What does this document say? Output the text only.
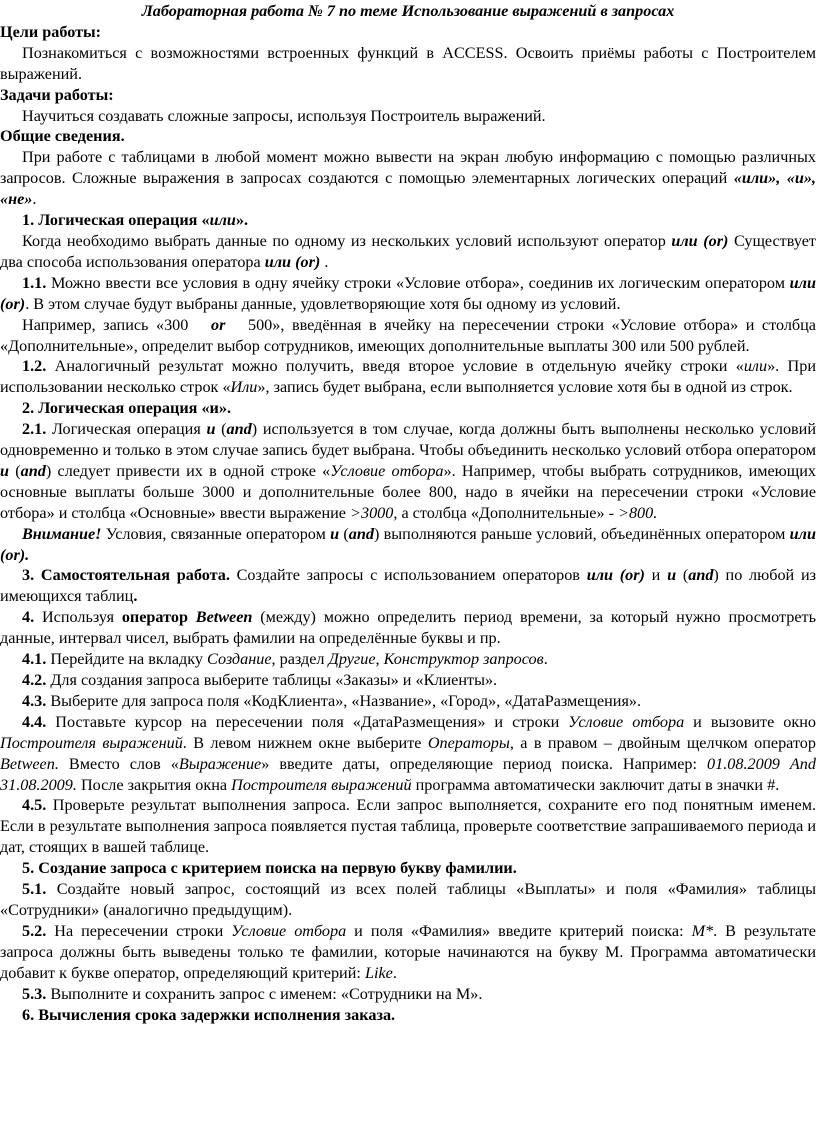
Лабораторная работа № 7 по теме Использование выражений в запросах

Цели работы:

Познакомиться с возможностями встроенных функций в ACCESS. Освоить приёмы работы с Построителем выражений.

Задачи работы:

Научиться создавать сложные запросы, используя Построитель выражений.

Общие сведения.

При работе с таблицами в любой момент можно вывести на экран любую информацию с помощью различных запросов. Сложные выражения в запросах создаются с помощью элементарных логических операций «или», «и», «не».

1. Логическая операция «или».

Когда необходимо выбрать данные по одному из нескольких условий используют оператор или (or) Существует два способа использования оператора или (or) .

1.1. Можно ввести все условия в одну ячейку строки «Условие отбора», соединив их логическим оператором или (or). В этом случае будут выбраны данные, удовлетворяющие хотя бы одному из условий.

Например, запись «300   or   500», введённая в ячейку на пересечении строки «Условие отбора» и столбца «Дополнительные», определит выбор сотрудников, имеющих дополнительные выплаты 300 или 500 рублей.

1.2. Аналогичный результат можно получить, введя второе условие в отдельную ячейку строки «или». При использовании несколько строк «Или», запись будет выбрана, если выполняется условие хотя бы в одной из строк.

2. Логическая операция «и».

2.1. Логическая операция и (and) используется в том случае, когда должны быть выполнены несколько условий одновременно и только в этом случае запись будет выбрана. Чтобы объединить несколько условий отбора оператором и (and) следует привести их в одной строке «Условие отбора». Например, чтобы выбрать сотрудников, имеющих основные выплаты больше 3000 и дополнительные более 800, надо в ячейки на пересечении строки «Условие отбора» и столбца «Основные» ввести выражение >3000, а столбца «Дополнительные» - >800.

Внимание! Условия, связанные оператором и (and) выполняются раньше условий, объединённых оператором или (or).

3. Самостоятельная работа. Создайте запросы с использованием операторов или (or) и и (and) по любой из имеющихся таблиц.

4. Используя оператор Between (между) можно определить период времени, за который нужно просмотреть данные, интервал чисел, выбрать фамилии на определённые буквы и пр.

4.1. Перейдите на вкладку Создание, раздел Другие, Конструктор запросов.

4.2. Для создания запроса выберите таблицы «Заказы» и «Клиенты».

4.3. Выберите для запроса поля «КодКлиента», «Название», «Город», «ДатаРазмещения».

4.4. Поставьте курсор на пересечении поля «ДатаРазмещения» и строки Условие отбора и вызовите окно Построителя выражений. В левом нижнем окне выберите Операторы, а в правом – двойным щелчком оператор Between. Вместо слов «Выражение» введите даты, определяющие период поиска. Например: 01.08.2009 And 31.08.2009. После закрытия окна Построителя выражений программа автоматически заключит даты в значки #.

4.5. Проверьте результат выполнения запроса. Если запрос выполняется, сохраните его под понятным именем. Если в результате выполнения запроса появляется пустая таблица, проверьте соответствие запрашиваемого периода и дат, стоящих в вашей таблице.

5. Создание запроса с критерием поиска на первую букву фамилии.

5.1. Создайте новый запрос, состоящий из всех полей таблицы «Выплаты» и поля «Фамилия» таблицы «Сотрудники» (аналогично предыдущим).

5.2. На пересечении строки Условие отбора и поля «Фамилия» введите критерий поиска: М*. В результате запроса должны быть выведены только те фамилии, которые начинаются на букву М. Программа автоматически добавит к букве оператор, определяющий критерий: Like.

5.3. Выполните и сохранить запрос с именем: «Сотрудники на М».

6. Вычисления срока задержки исполнения заказа.
